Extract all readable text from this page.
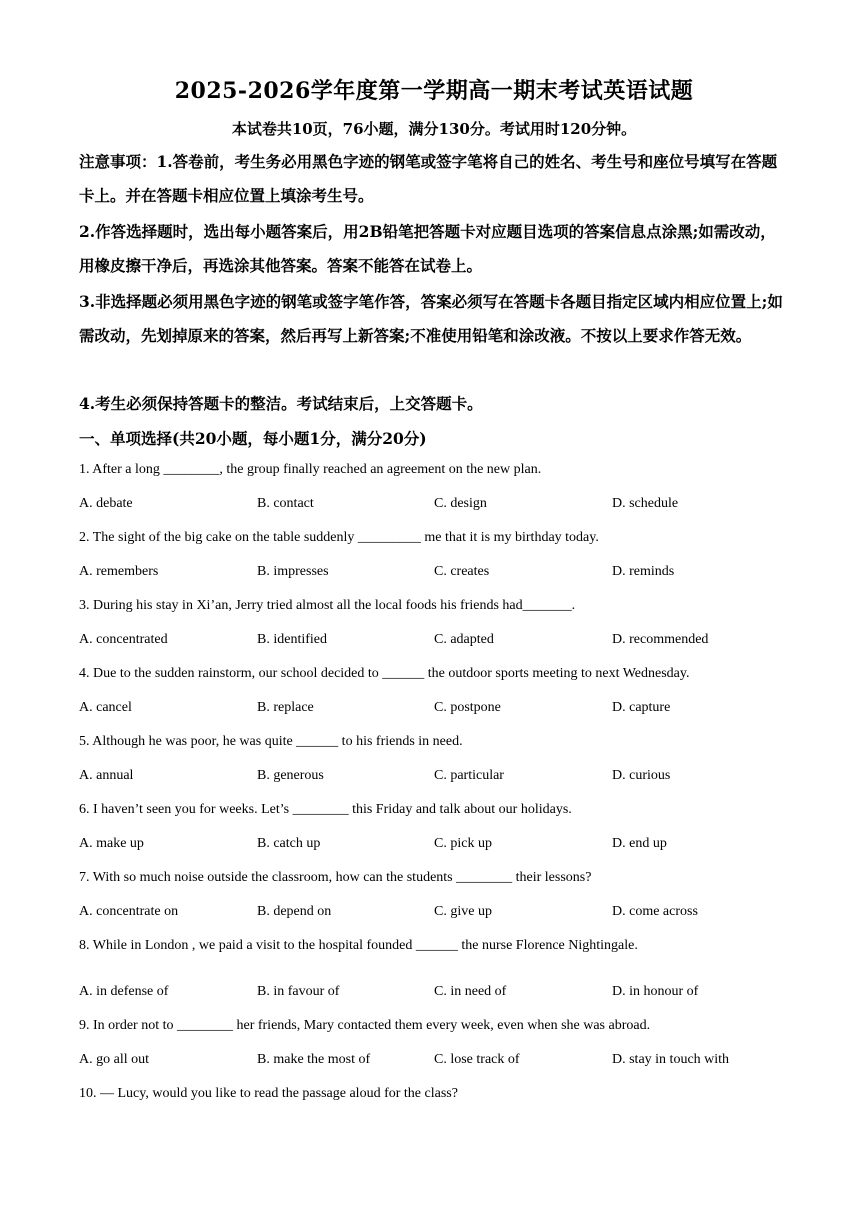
2025-2026学年度第一学期高一期末考试英语试题
本试卷共10页，76小题，满分130分。考试用时120分钟。
注意事项：1.答卷前，考生务必用黑色字迹的钢笔或签字笔将自己的姓名、考生号和座位号填写在答题卡上。并在答题卡相应位置上填涂考生号。
2.作答选择题时，选出每小题答案后，用2B铅笔把答题卡对应题目选项的答案信息点涂黑;如需改动，用橡皮擦干净后，再选涂其他答案。答案不能答在试卷上。
3.非选择题必须用黑色字迹的钢笔或签字笔作答，答案必须写在答题卡各题目指定区域内相应位置上;如需改动，先划掉原来的答案，然后再写上新答案;不准使用铅笔和涂改液。不按以上要求作答无效。
4.考生必须保持答题卡的整洁。考试结束后，上交答题卡。
一、单项选择(共20小题，每小题1分，满分20分)
1. After a long ________, the group finally reached an agreement on the new plan.
A. debate	B. contact	C. design	D. schedule
2. The sight of the big cake on the table suddenly _________ me that it is my birthday today.
A. remembers	B. impresses	C. creates	D. reminds
3. During his stay in Xi’an, Jerry tried almost all the local foods his friends had_______.
A. concentrated	B. identified	C. adapted	D. recommended
4. Due to the sudden rainstorm, our school decided to ______ the outdoor sports meeting to next Wednesday.
A. cancel	B. replace	C. postpone	D. capture
5. Although he was poor, he was quite ______ to his friends in need.
A. annual	B. generous	C. particular	D. curious
6. I haven’t seen you for weeks. Let’s ________ this Friday and talk about our holidays.
A. make up	B. catch up	C. pick up	D. end up
7. With so much noise outside the classroom, how can the students ________ their lessons?
A. concentrate on	B. depend on	C. give up	D. come across
8. While in London , we paid a visit to the hospital founded ______ the nurse Florence Nightingale.
A. in defense of	B. in favour of	C. in need of	D. in honour of
9. In order not to ________ her friends, Mary contacted them every week, even when she was abroad.
A. go all out	B. make the most of	C. lose track of	D. stay in touch with
10. — Lucy, would you like to read the passage aloud for the class?
